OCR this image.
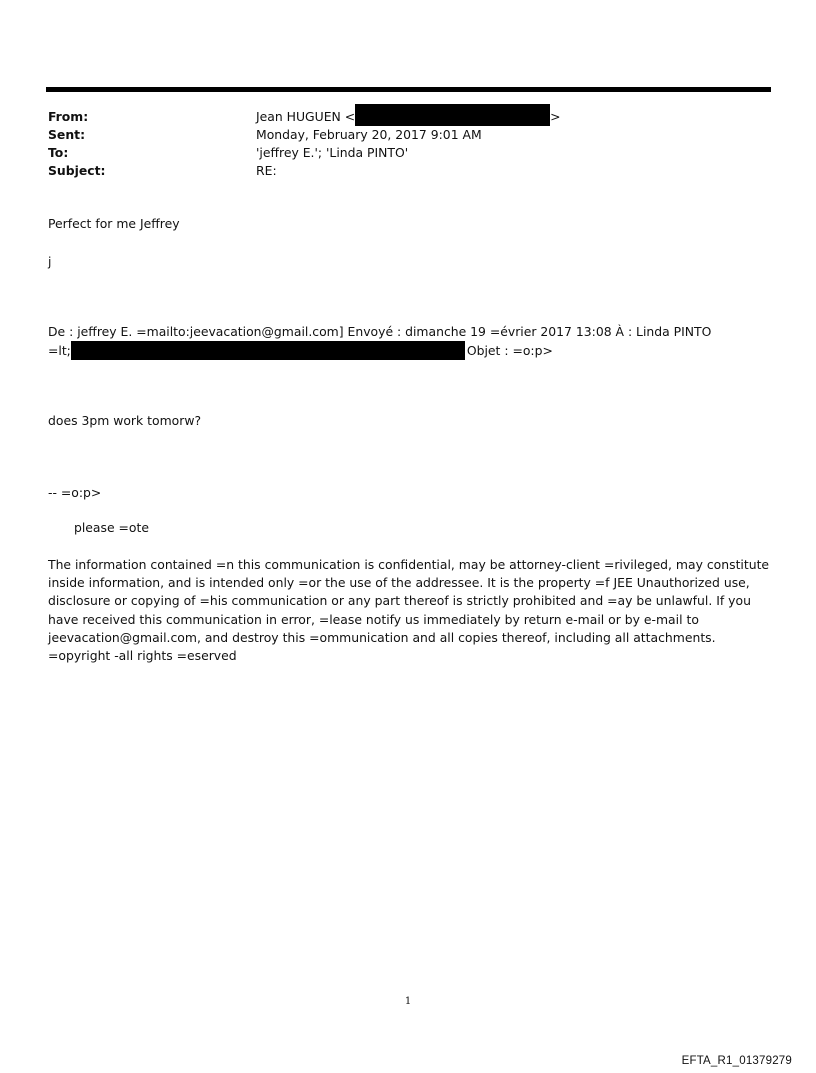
From:	Jean HUGUEN <	>
Sent:	Monday, February 20, 2017 9:01 AM
To:	'jeffrey E.'; 'Linda PINTO'
Subject:	RE:
Perfect for me Jeffrey
j
De : jeffrey E. =mailto:jeevacation@gmail.com] Envoyé : dimanche 19 =évrier 2017 13:08 À : Linda PINTO
=lt;	Objet : =o:p>
does 3pm work tomorw?
-- =o:p>
please =ote
The information contained =n this communication is confidential, may be attorney-client =rivileged, may constitute inside information, and is intended only =or the use of the addressee. It is the property =f JEE Unauthorized use, disclosure or copying of =his communication or any part thereof is strictly prohibited and =ay be unlawful. If you have received this communication in error, =lease notify us immediately by return e-mail or by e-mail to jeevacation@gmail.com, and destroy this =ommunication and all copies thereof, including all attachments. =opyright -all rights =eserved
1
EFTA_R1_01379279
